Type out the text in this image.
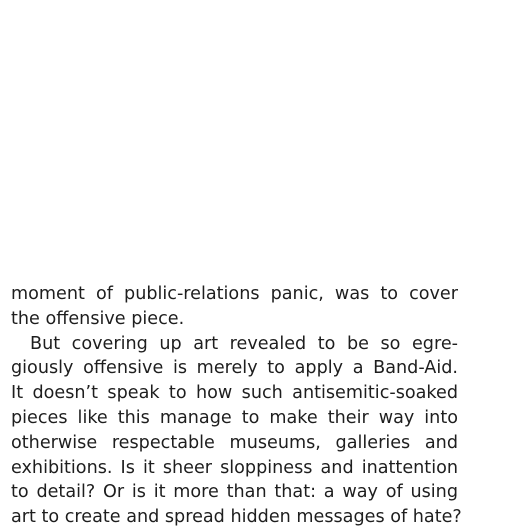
moment of public-relations panic, was to cover
the offensive piece.
But covering up art revealed to be so egre-
giously offensive is merely to apply a Band-Aid.
It doesn’t speak to how such antisemitic-soaked
pieces like this manage to make their way into
otherwise respectable museums, galleries and
exhibitions. Is it sheer sloppiness and inattention
to detail? Or is it more than that: a way of using
art to create and spread hidden messages of hate?
